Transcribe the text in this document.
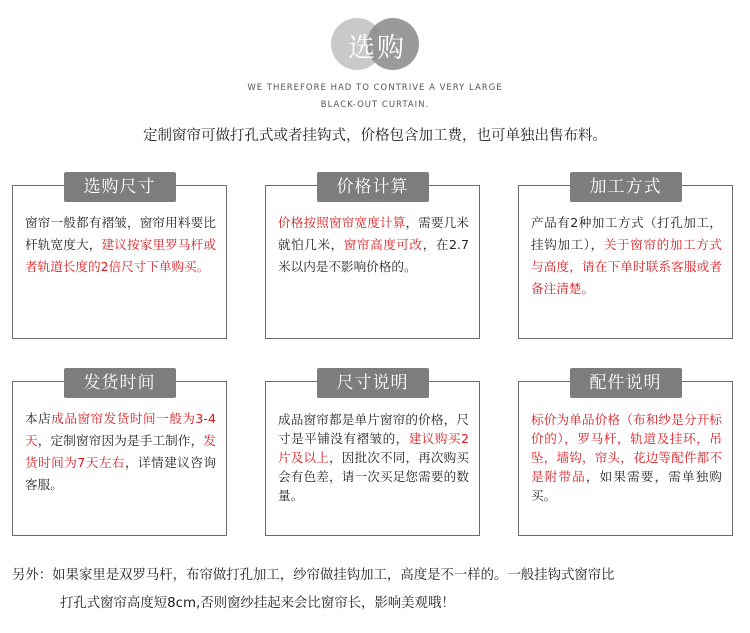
选购
WE THEREFORE HAD TO CONTRIVE A VERY LARGE
BLACK-OUT CURTAIN.
定制窗帘可做打孔式或者挂钩式，价格包含加工费，也可单独出售布料。
选购尺寸
窗帘一般都有褶皱，窗帘用料要比杆轨宽度大，建议按家里罗马杆或者轨道长度的2倍尺寸下单购买。
价格计算
价格按照窗帘宽度计算，需要几米就怕几米，窗帘高度可改，在2.7米以内是不影响价格的。
加工方式
产品有2种加工方式（打孔加工，挂钩加工），关于窗帘的加工方式与高度，请在下单时联系客服或者备注清楚。
发货时间
本店成品窗帘发货时间一般为3-4天，定制窗帘因为是手工制作，发货时间为7天左右，详情建议咨询客服。
尺寸说明
成品窗帘都是单片窗帘的价格，尺寸是平铺没有褶皱的，建议购买2片及以上，因批次不同，再次购买会有色差，请一次买足您需要的数量。
配件说明
标价为单品价格（布和纱是分开标价的），罗马杆，轨道及挂环，吊坠，墙钩，帘头，花边等配件都不是附带品，如果需要，需单独购买。
另外：如果家里是双罗马杆，布帘做打孔加工，纱帘做挂钩加工，高度是不一样的。一般挂钩式窗帘比
打孔式窗帘高度短8cm,否则窗纱挂起来会比窗帘长，影响美观哦！
